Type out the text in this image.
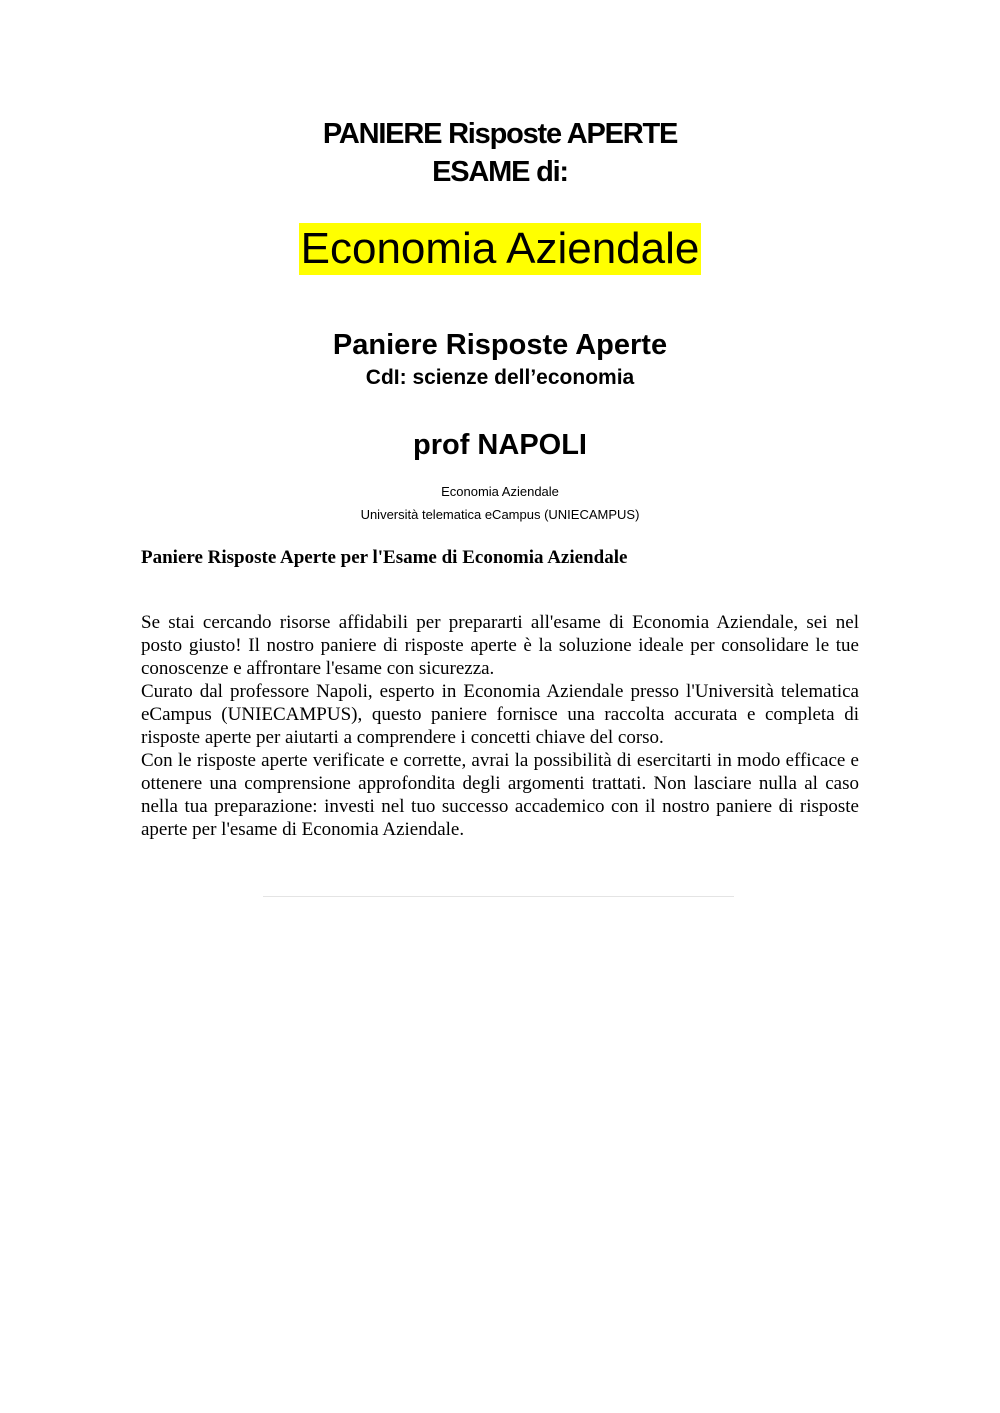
PANIERE Risposte APERTE
ESAME di:
Economia Aziendale
Paniere Risposte Aperte
CdI: scienze dell’economia
prof NAPOLI
Economia Aziendale
Università telematica eCampus (UNIECAMPUS)
Paniere Risposte Aperte per l'Esame di Economia Aziendale

Se stai cercando risorse affidabili per prepararti all'esame di Economia Aziendale, sei nel posto giusto! Il nostro paniere di risposte aperte è la soluzione ideale per consolidare le tue conoscenze e affrontare l'esame con sicurezza.

Curato dal professore Napoli, esperto in Economia Aziendale presso l'Università telematica eCampus (UNIECAMPUS), questo paniere fornisce una raccolta accurata e completa di risposte aperte per aiutarti a comprendere i concetti chiave del corso.

Con le risposte aperte verificate e corrette, avrai la possibilità di esercitarti in modo efficace e ottenere una comprensione approfondita degli argomenti trattati. Non lasciare nulla al caso nella tua preparazione: investi nel tuo successo accademico con il nostro paniere di risposte aperte per l'esame di Economia Aziendale.
